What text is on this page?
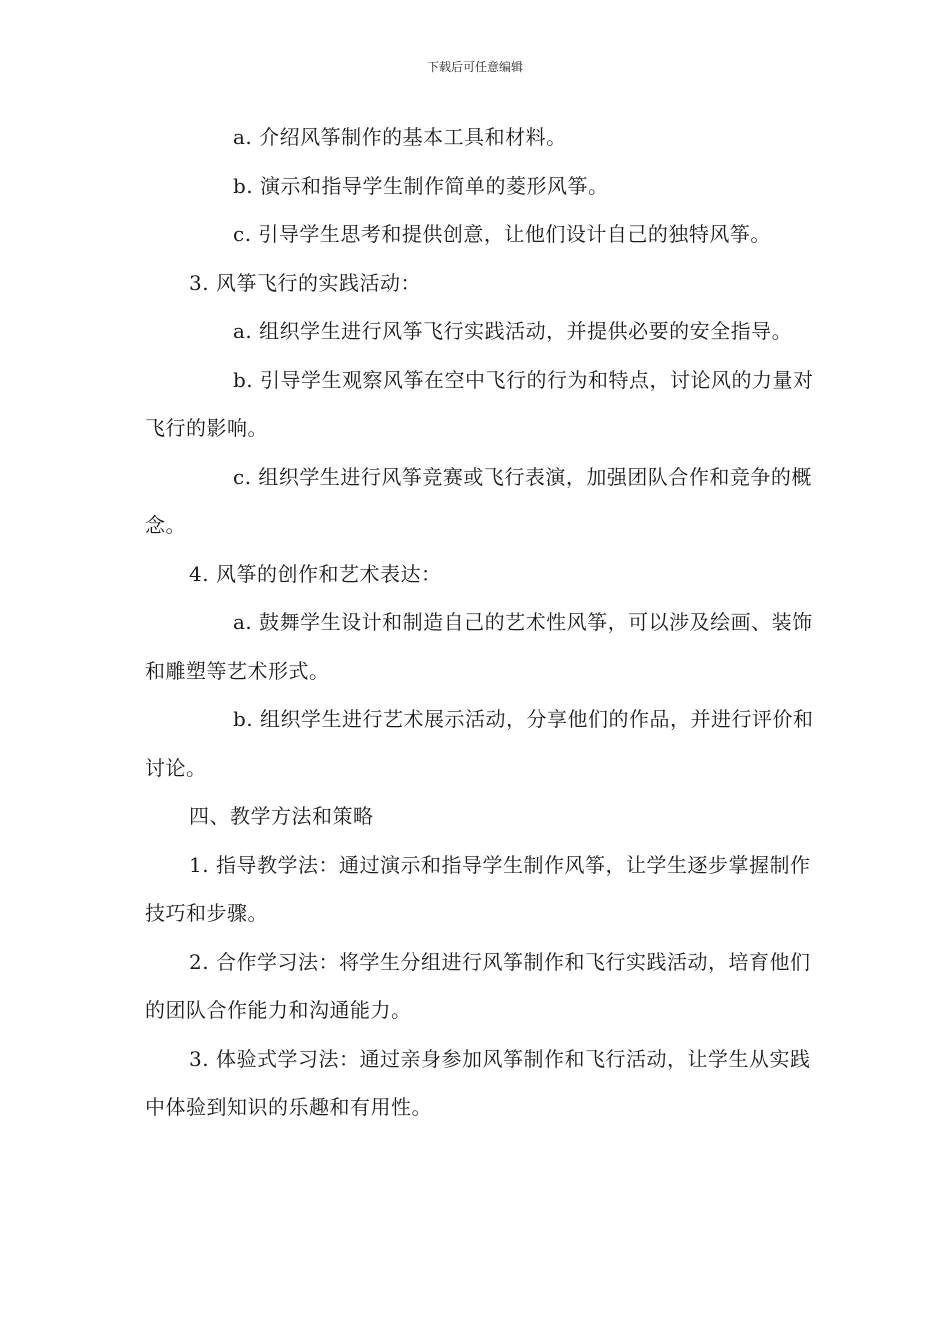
下载后可任意编辑

a. 介绍风筝制作的基本工具和材料。

b. 演示和指导学生制作简单的菱形风筝。

c. 引导学生思考和提供创意，让他们设计自己的独特风筝。

3. 风筝飞行的实践活动：

a. 组织学生进行风筝飞行实践活动，并提供必要的安全指导。

b. 引导学生观察风筝在空中飞行的行为和特点，讨论风的力量对飞行的影响。

c. 组织学生进行风筝竞赛或飞行表演，加强团队合作和竞争的概念。

4. 风筝的创作和艺术表达：

a. 鼓舞学生设计和制造自己的艺术性风筝，可以涉及绘画、装饰和雕塑等艺术形式。

b. 组织学生进行艺术展示活动，分享他们的作品，并进行评价和讨论。

四、教学方法和策略

1. 指导教学法：通过演示和指导学生制作风筝，让学生逐步掌握制作技巧和步骤。

2. 合作学习法：将学生分组进行风筝制作和飞行实践活动，培育他们的团队合作能力和沟通能力。

3. 体验式学习法：通过亲身参加风筝制作和飞行活动，让学生从实践中体验到知识的乐趣和有用性。
